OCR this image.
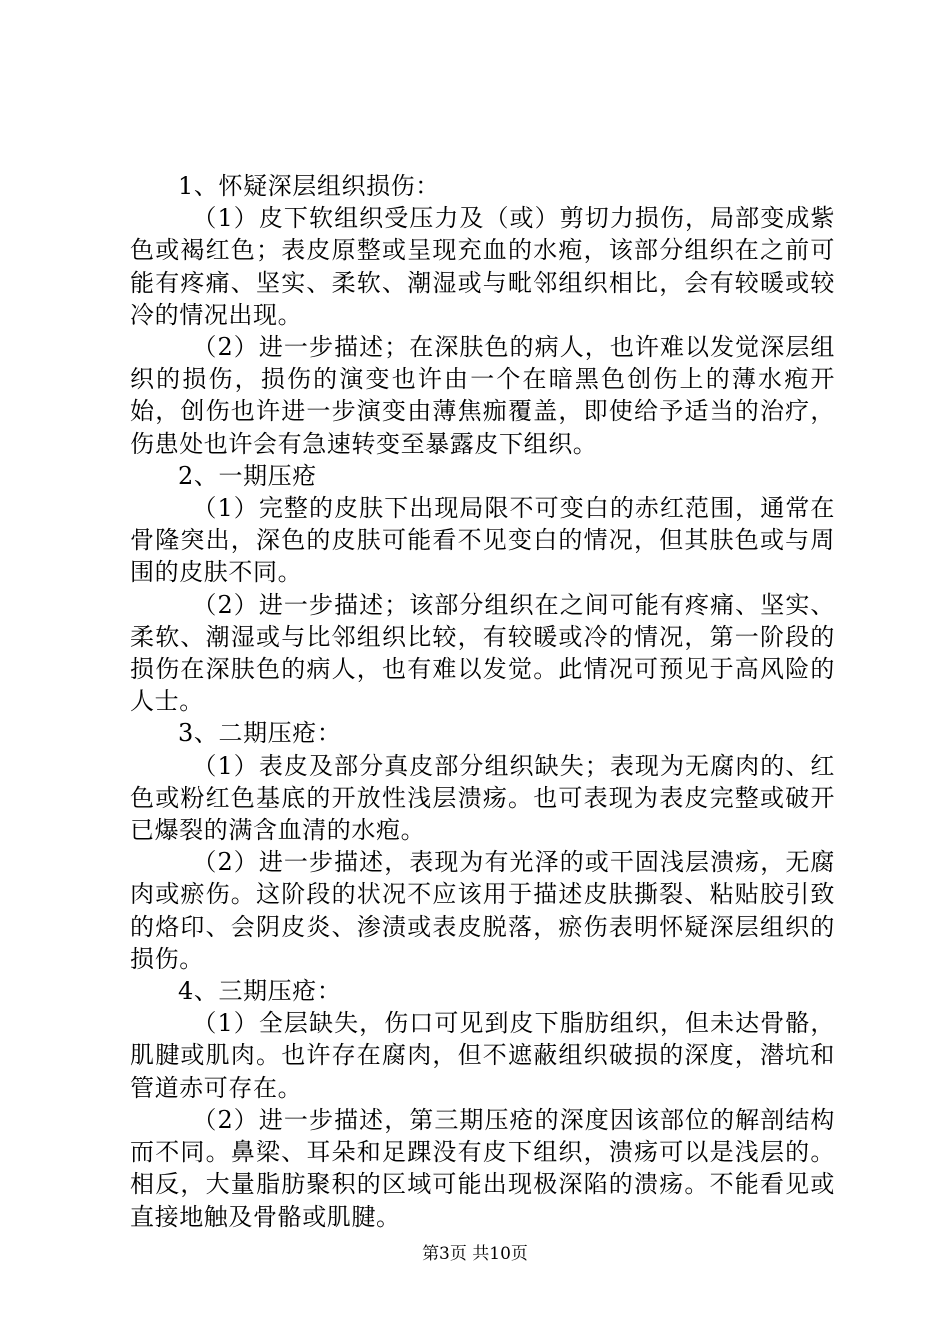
1、怀疑深层组织损伤：

（1）皮下软组织受压力及（或）剪切力损伤，局部变成紫色或褐红色；表皮原整或呈现充血的水疱，该部分组织在之前可能有疼痛、坚实、柔软、潮湿或与毗邻组织相比，会有较暖或较冷的情况出现。

（2）进一步描述；在深肤色的病人，也许难以发觉深层组织的损伤，损伤的演变也许由一个在暗黑色创伤上的薄水疱开始，创伤也许进一步演变由薄焦痂覆盖，即使给予适当的治疗，伤患处也许会有急速转变至暴露皮下组织。

2、一期压疮

（1）完整的皮肤下出现局限不可变白的赤红范围，通常在骨隆突出，深色的皮肤可能看不见变白的情况，但其肤色或与周围的皮肤不同。

（2）进一步描述；该部分组织在之间可能有疼痛、坚实、柔软、潮湿或与比邻组织比较，有较暖或冷的情况，第一阶段的损伤在深肤色的病人，也有难以发觉。此情况可预见于高风险的人士。

3、二期压疮：

（1）表皮及部分真皮部分组织缺失；表现为无腐肉的、红色或粉红色基底的开放性浅层溃疡。也可表现为表皮完整或破开已爆裂的满含血清的水疱。

（2）进一步描述，表现为有光泽的或干固浅层溃疡，无腐肉或瘀伤。这阶段的状况不应该用于描述皮肤撕裂、粘贴胶引致的烙印、会阴皮炎、渗渍或表皮脱落，瘀伤表明怀疑深层组织的损伤。

4、三期压疮：

（1）全层缺失，伤口可见到皮下脂肪组织，但未达骨骼，肌腱或肌肉。也许存在腐肉，但不遮蔽组织破损的深度，潜坑和管道赤可存在。

（2）进一步描述，第三期压疮的深度因该部位的解剖结构而不同。鼻梁、耳朵和足踝没有皮下组织，溃疡可以是浅层的。相反，大量脂肪聚积的区域可能出现极深陷的溃疡。不能看见或直接地触及骨骼或肌腱。

第3页 共10页
